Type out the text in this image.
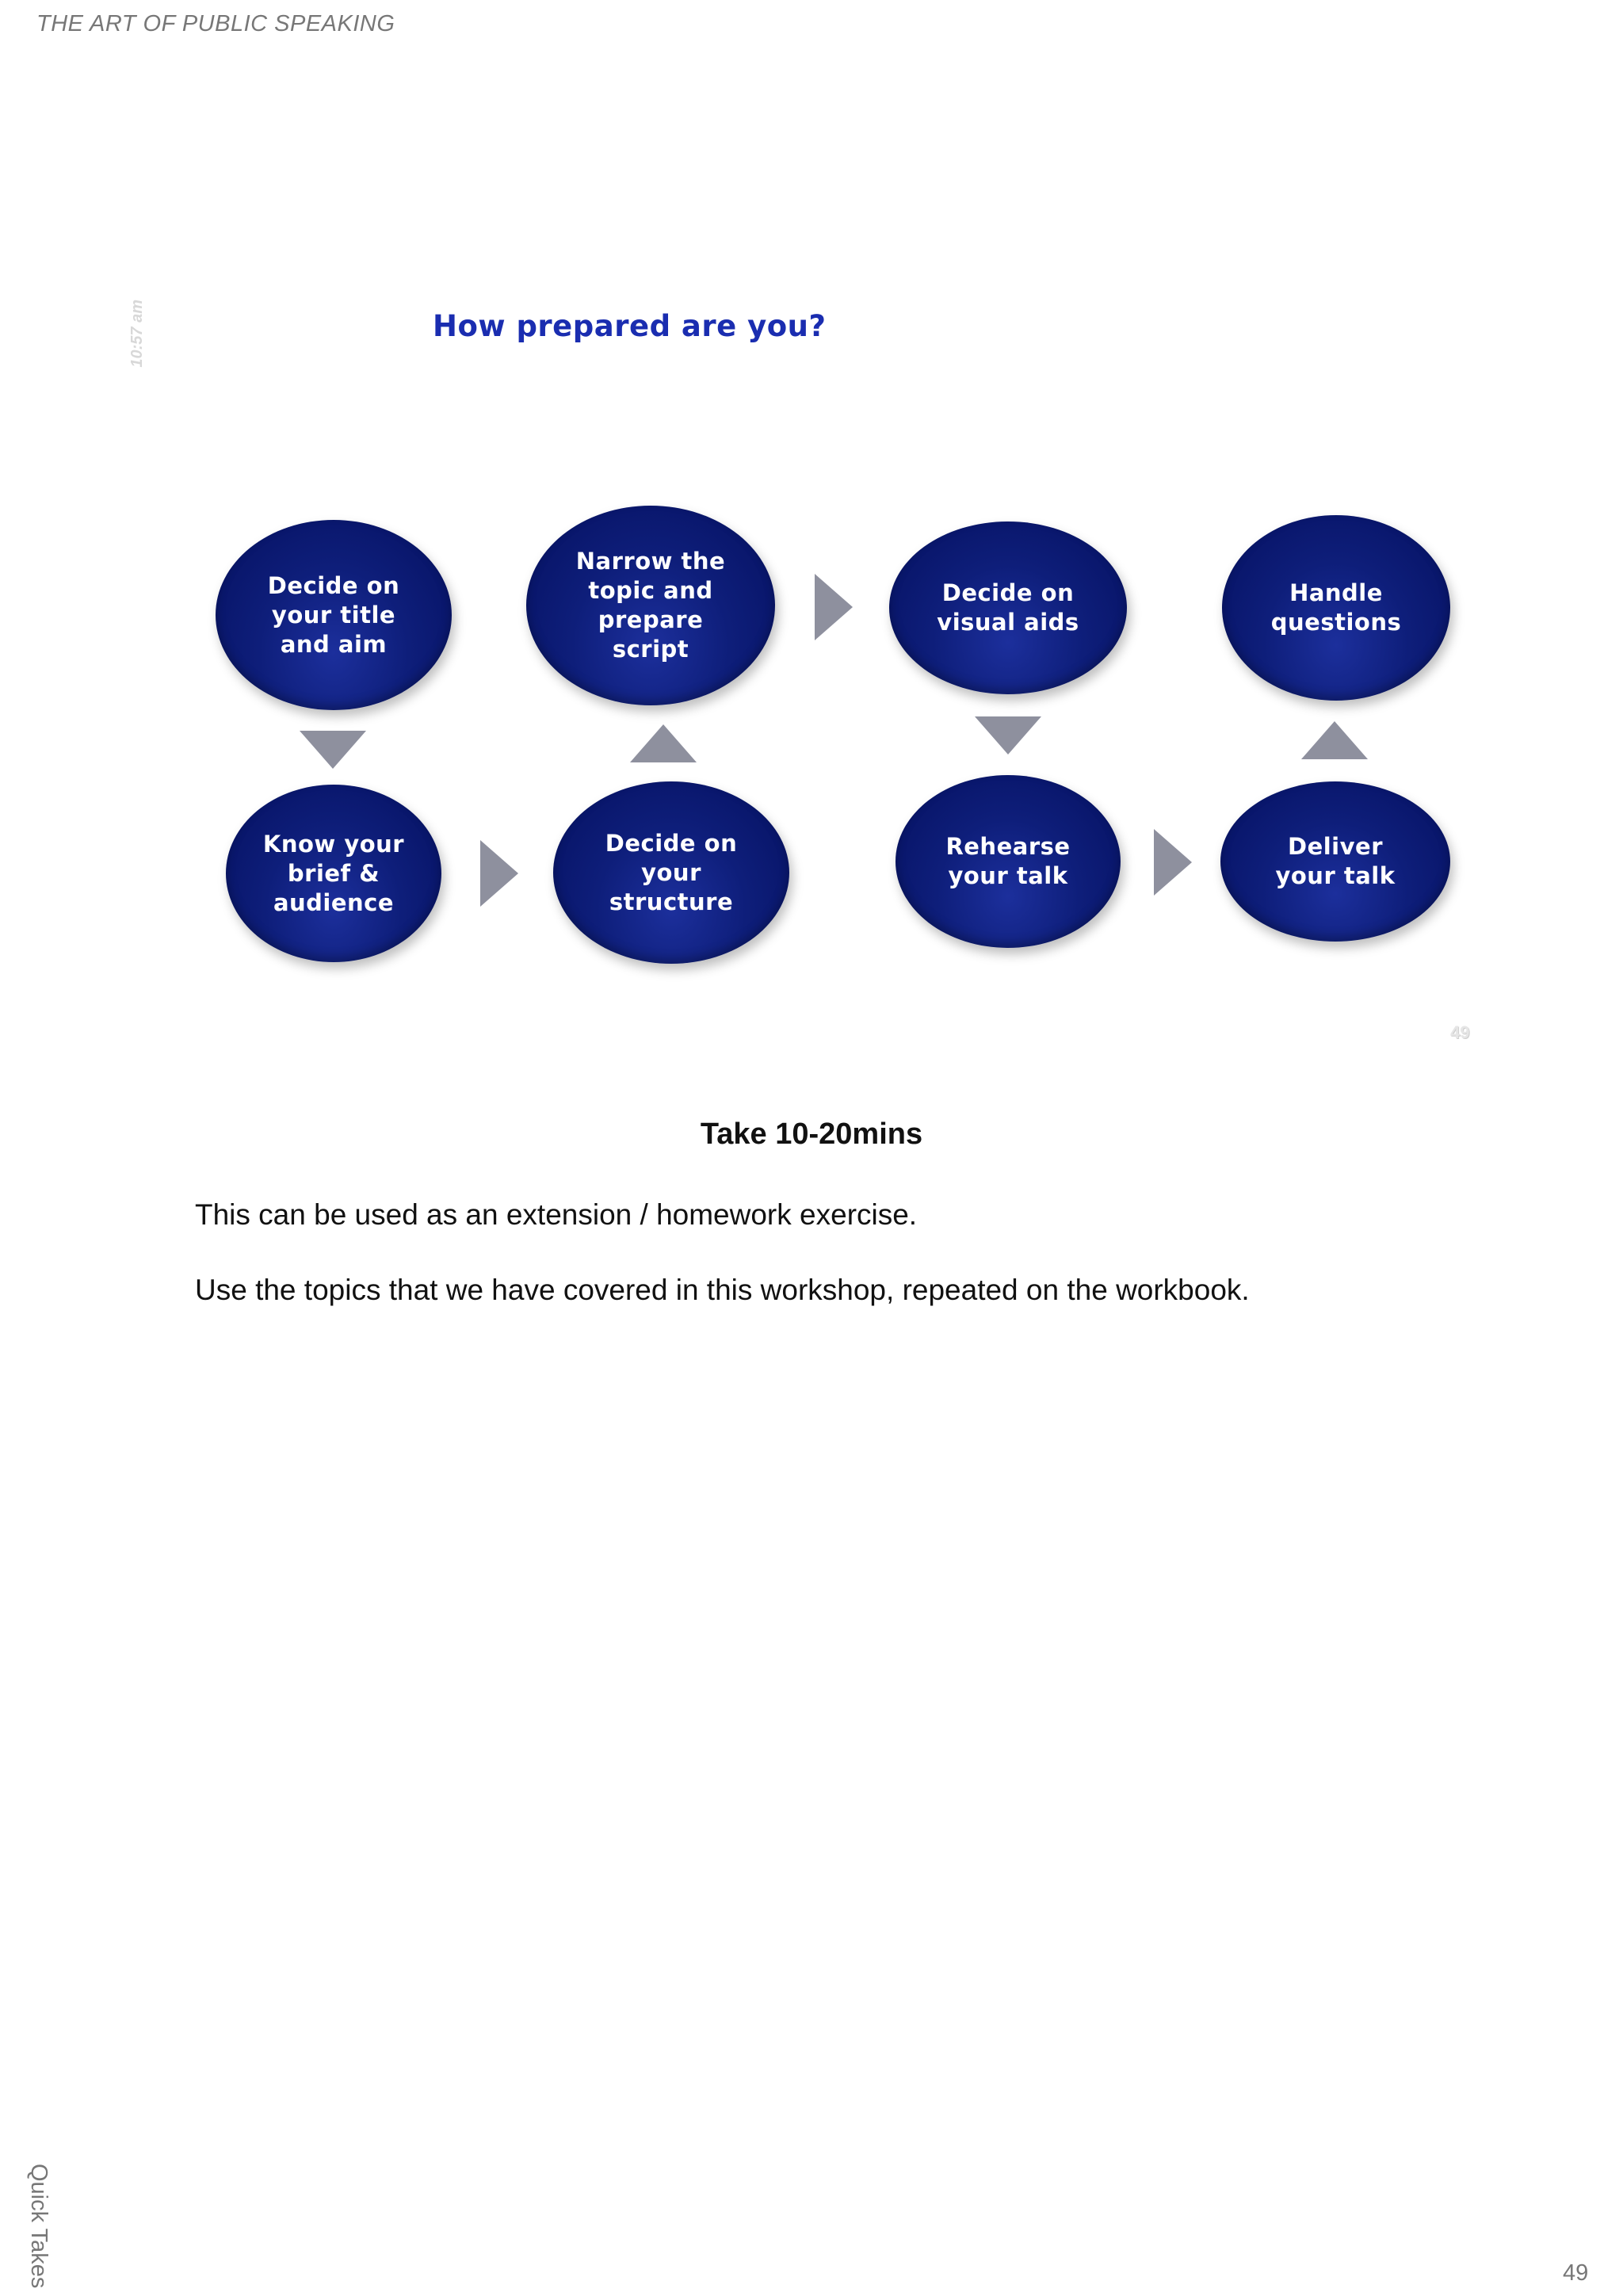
THE ART OF PUBLIC SPEAKING
10:57 am	How prepared are you?
Decide on
your title
and aim
Know your
brief &
audience
Decide on
your
structure
Narrow the
topic and
prepare
script
Decide on
visual aids
Rehearse
your talk
Deliver
your talk
Handle
questions
49
Take 10-20mins
This can be used as an extension / homework exercise.
Use the topics that we have covered in this workshop, repeated on the workbook.
Quick Takes	49
